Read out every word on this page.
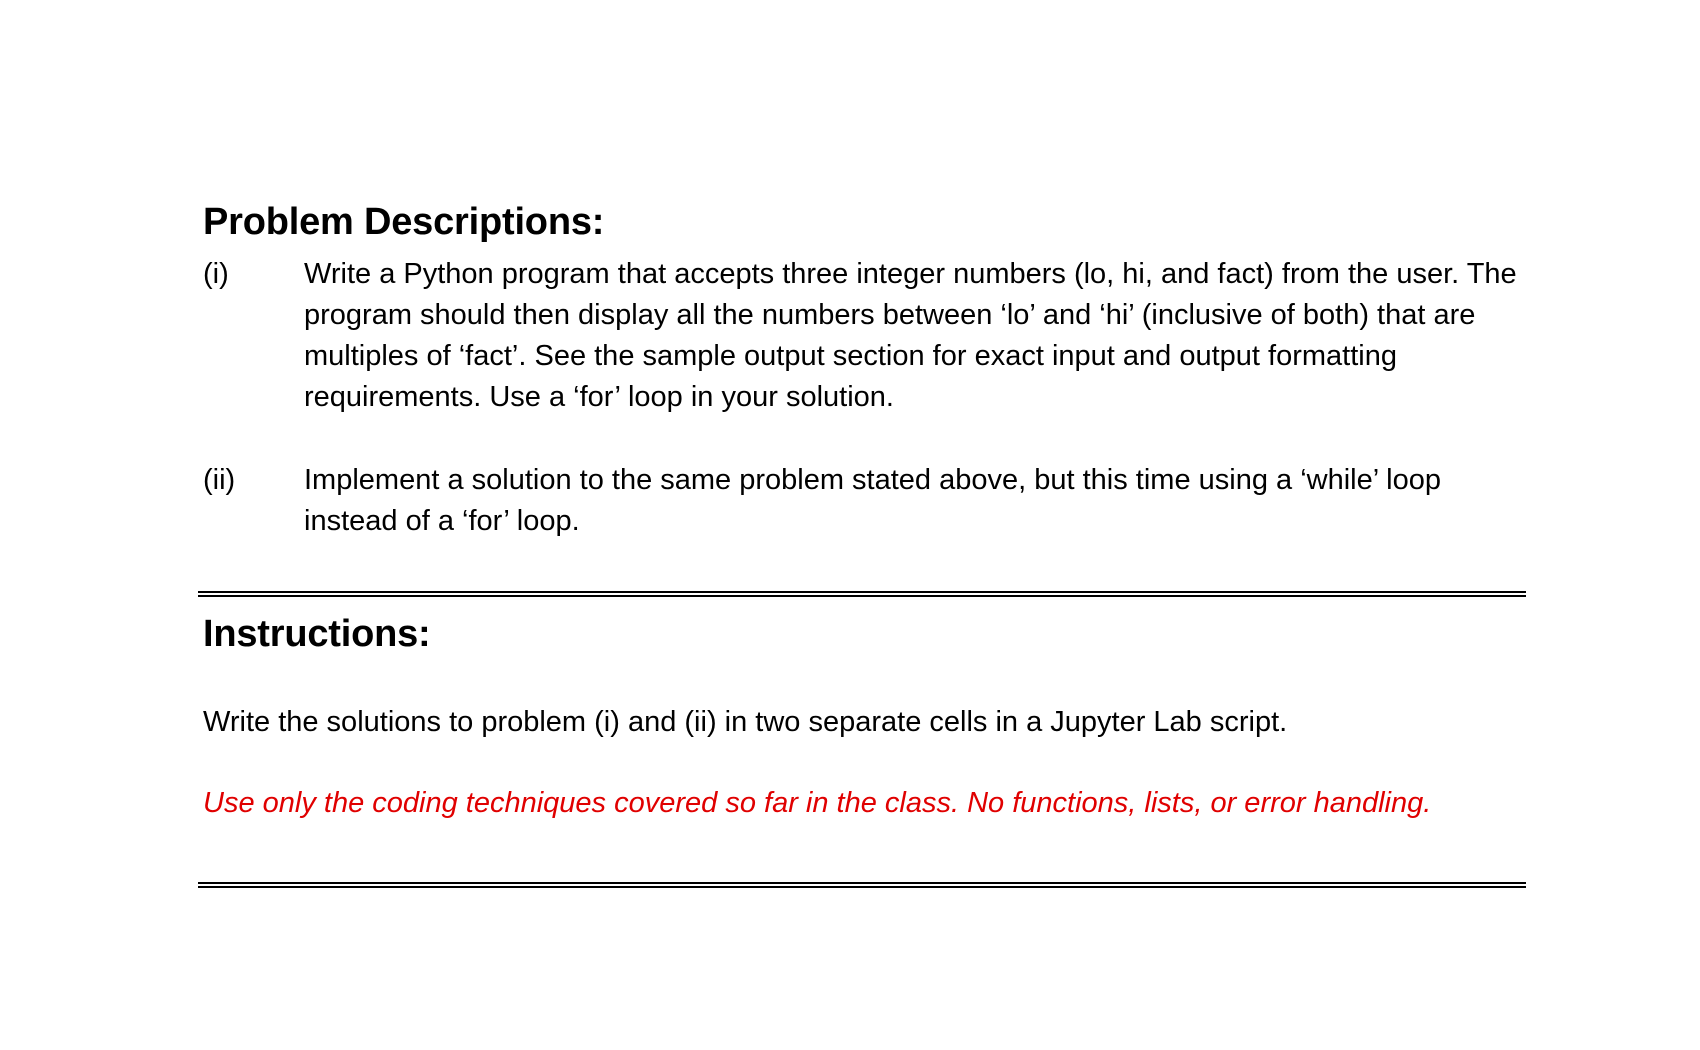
Problem Descriptions:
(i)	Write a Python program that accepts three integer numbers (lo, hi, and fact) from the user. The program should then display all the numbers between ‘lo’ and ‘hi’ (inclusive of both) that are multiples of ‘fact’. See the sample output section for exact input and output formatting requirements. Use a ‘for’ loop in your solution.
(ii)	Implement a solution to the same problem stated above, but this time using a ‘while’ loop instead of a ‘for’ loop.
Instructions:

Write the solutions to problem (i) and (ii) in two separate cells in a Jupyter Lab script.

Use only the coding techniques covered so far in the class. No functions, lists, or error handling.
